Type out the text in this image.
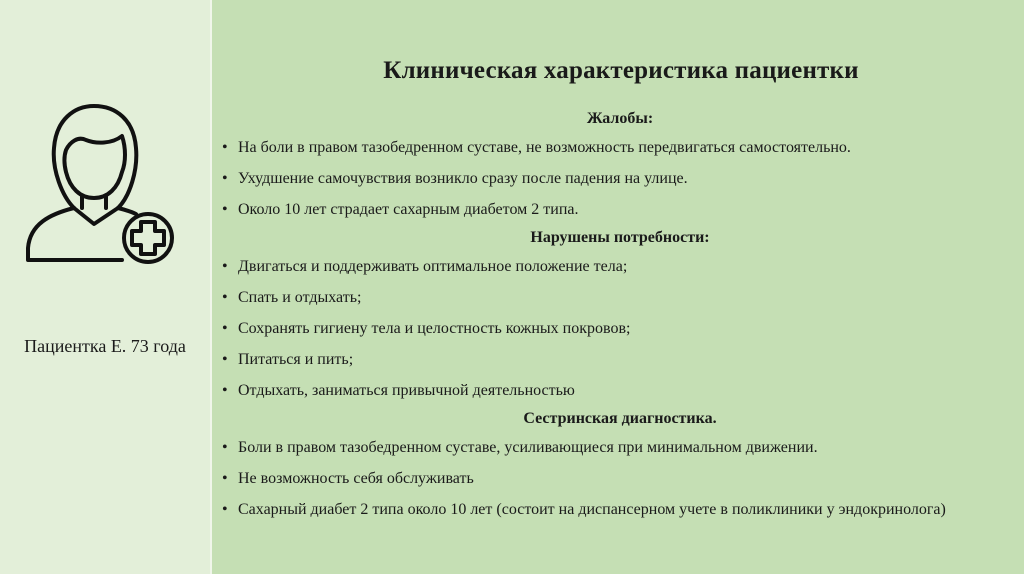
Пациентка Е. 73 года
Клиническая характеристика пациентки
Жалобы:
• На боли в правом тазобедренном суставе, не возможность передвигаться самостоятельно.
• Ухудшение самочувствия возникло сразу после падения на улице.
• Около 10 лет страдает сахарным диабетом 2 типа.
Нарушены потребности:
• Двигаться и поддерживать оптимальное положение тела;
• Спать и отдыхать;
• Сохранять гигиену тела и целостность кожных покровов;
• Питаться и пить;
• Отдыхать, заниматься привычной деятельностью
Сестринская диагностика.
• Боли в правом тазобедренном суставе, усиливающиеся при минимальном движении.
• Не возможность себя обслуживать
• Сахарный диабет 2 типа около 10 лет (состоит на диспансерном учете в поликлиники у эндокринолога)
